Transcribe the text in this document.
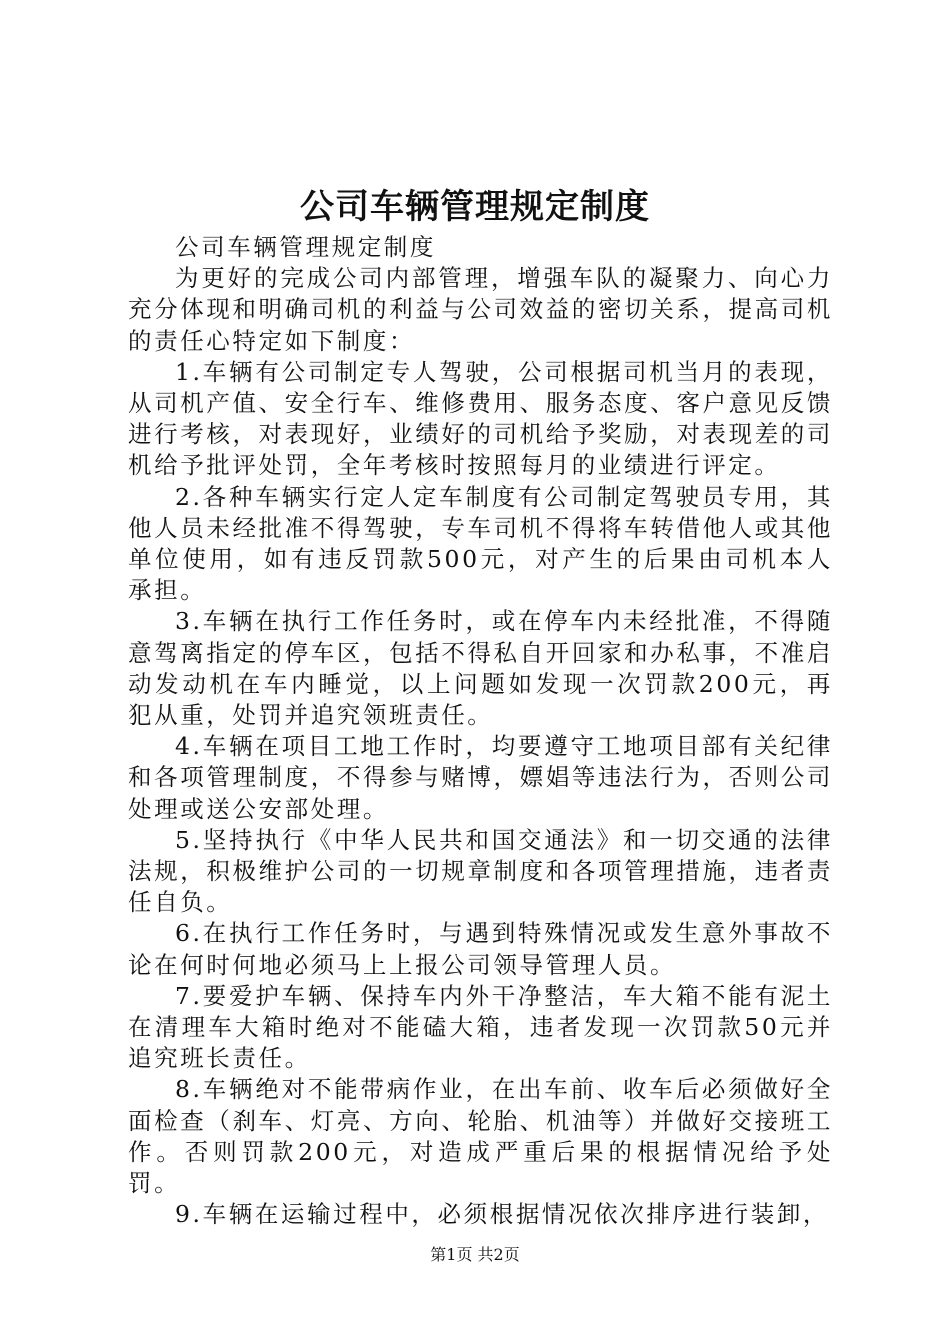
公司车辆管理规定制度

公司车辆管理规定制度

为更好的完成公司内部管理，增强车队的凝聚力、向心力充分体现和明确司机的利益与公司效益的密切关系，提高司机的责任心特定如下制度：

1.车辆有公司制定专人驾驶，公司根据司机当月的表现，从司机产值、安全行车、维修费用、服务态度、客户意见反馈进行考核，对表现好，业绩好的司机给予奖励，对表现差的司机给予批评处罚，全年考核时按照每月的业绩进行评定。

2.各种车辆实行定人定车制度有公司制定驾驶员专用，其他人员未经批准不得驾驶，专车司机不得将车转借他人或其他单位使用，如有违反罚款500元，对产生的后果由司机本人承担。

3.车辆在执行工作任务时，或在停车内未经批准，不得随意驾离指定的停车区，包括不得私自开回家和办私事，不准启动发动机在车内睡觉，以上问题如发现一次罚款200元，再犯从重，处罚并追究领班责任。

4.车辆在项目工地工作时，均要遵守工地项目部有关纪律和各项管理制度，不得参与赌博，嫖娼等违法行为，否则公司处理或送公安部处理。

5.坚持执行《中华人民共和国交通法》和一切交通的法律法规，积极维护公司的一切规章制度和各项管理措施，违者责任自负。

6.在执行工作任务时，与遇到特殊情况或发生意外事故不论在何时何地必须马上上报公司领导管理人员。

7.要爱护车辆、保持车内外干净整洁，车大箱不能有泥土在清理车大箱时绝对不能磕大箱，违者发现一次罚款50元并追究班长责任。

8.车辆绝对不能带病作业，在出车前、收车后必须做好全面检查（刹车、灯亮、方向、轮胎、机油等）并做好交接班工作。否则罚款200元，对造成严重后果的根据情况给予处罚。

9.车辆在运输过程中，必须根据情况依次排序进行装卸，

第1页 共2页
